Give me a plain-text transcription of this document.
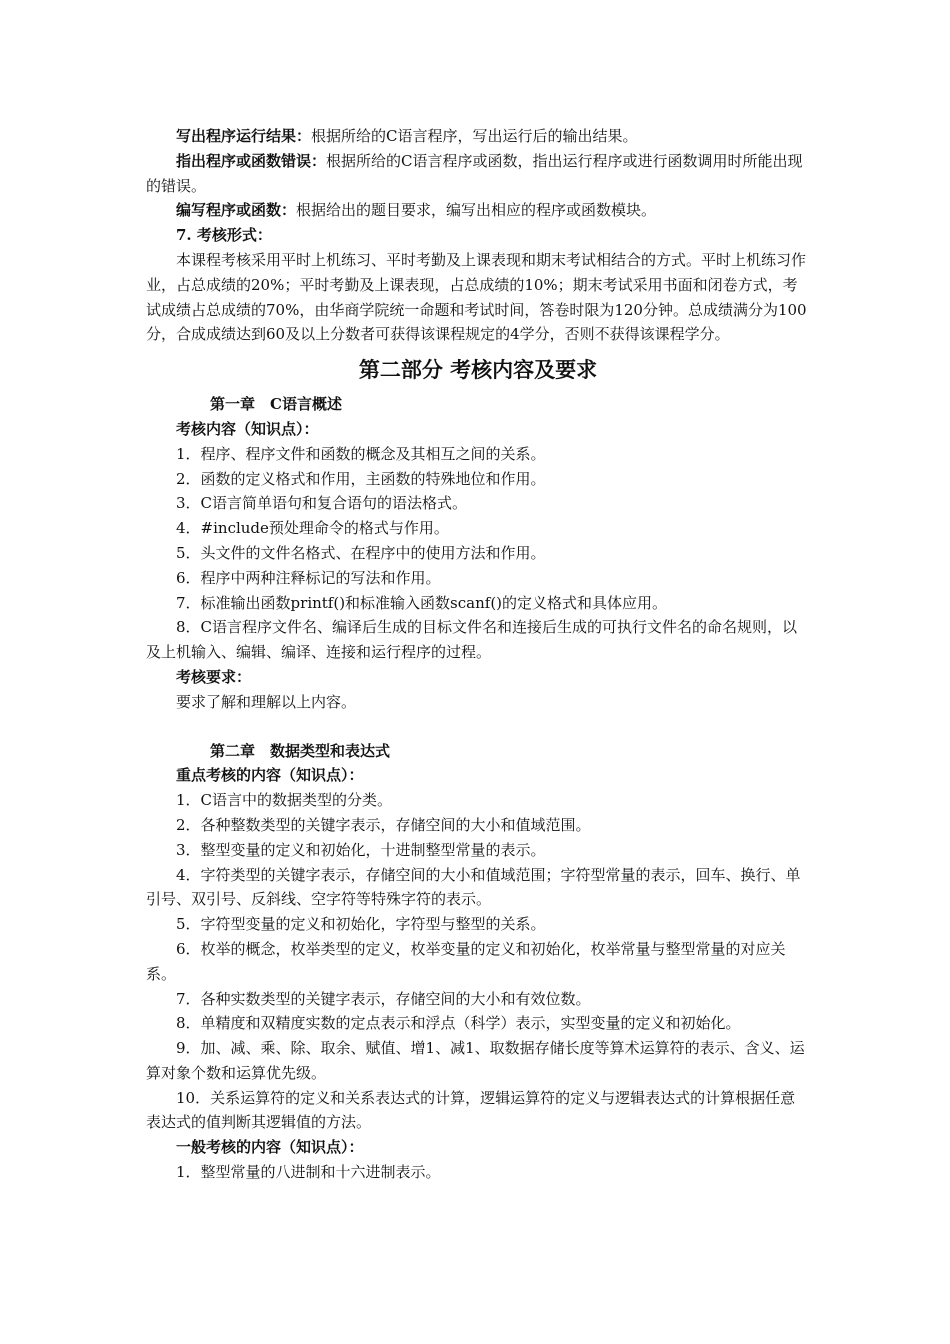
写出程序运行结果：根据所给的C语言程序，写出运行后的输出结果。

指出程序或函数错误：根据所给的C语言程序或函数，指出运行程序或进行函数调用时所能出现的错误。

编写程序或函数：根据给出的题目要求，编写出相应的程序或函数模块。

7. 考核形式：

本课程考核采用平时上机练习、平时考勤及上课表现和期末考试相结合的方式。平时上机练习作业，占总成绩的20%；平时考勤及上课表现，占总成绩的10%；期末考试采用书面和闭卷方式，考试成绩占总成绩的70%，由华商学院统一命题和考试时间，答卷时限为120分钟。总成绩满分为100分，合成成绩达到60及以上分数者可获得该课程规定的4学分，否则不获得该课程学分。

第二部分 考核内容及要求

第一章　C语言概述

考核内容（知识点）：

1．程序、程序文件和函数的概念及其相互之间的关系。

2．函数的定义格式和作用，主函数的特殊地位和作用。

3．C语言简单语句和复合语句的语法格式。

4．#include预处理命令的格式与作用。

5．头文件的文件名格式、在程序中的使用方法和作用。

6．程序中两种注释标记的写法和作用。

7．标准输出函数printf()和标准输入函数scanf()的定义格式和具体应用。

8．C语言程序文件名、编译后生成的目标文件名和连接后生成的可执行文件名的命名规则，以及上机输入、编辑、编译、连接和运行程序的过程。

考核要求：

要求了解和理解以上内容。

第二章　数据类型和表达式

重点考核的内容（知识点）：

1．C语言中的数据类型的分类。

2．各种整数类型的关键字表示，存储空间的大小和值域范围。

3．整型变量的定义和初始化，十进制整型常量的表示。

4．字符类型的关键字表示，存储空间的大小和值域范围；字符型常量的表示，回车、换行、单引号、双引号、反斜线、空字符等特殊字符的表示。

5．字符型变量的定义和初始化，字符型与整型的关系。

6．枚举的概念，枚举类型的定义，枚举变量的定义和初始化，枚举常量与整型常量的对应关系。

7．各种实数类型的关键字表示，存储空间的大小和有效位数。

8．单精度和双精度实数的定点表示和浮点（科学）表示，实型变量的定义和初始化。

9．加、减、乘、除、取余、赋值、增1、减1、取数据存储长度等算术运算符的表示、含义、运算对象个数和运算优先级。

10．关系运算符的定义和关系表达式的计算，逻辑运算符的定义与逻辑表达式的计算根据任意表达式的值判断其逻辑值的方法。

一般考核的内容（知识点）：

1．整型常量的八进制和十六进制表示。
